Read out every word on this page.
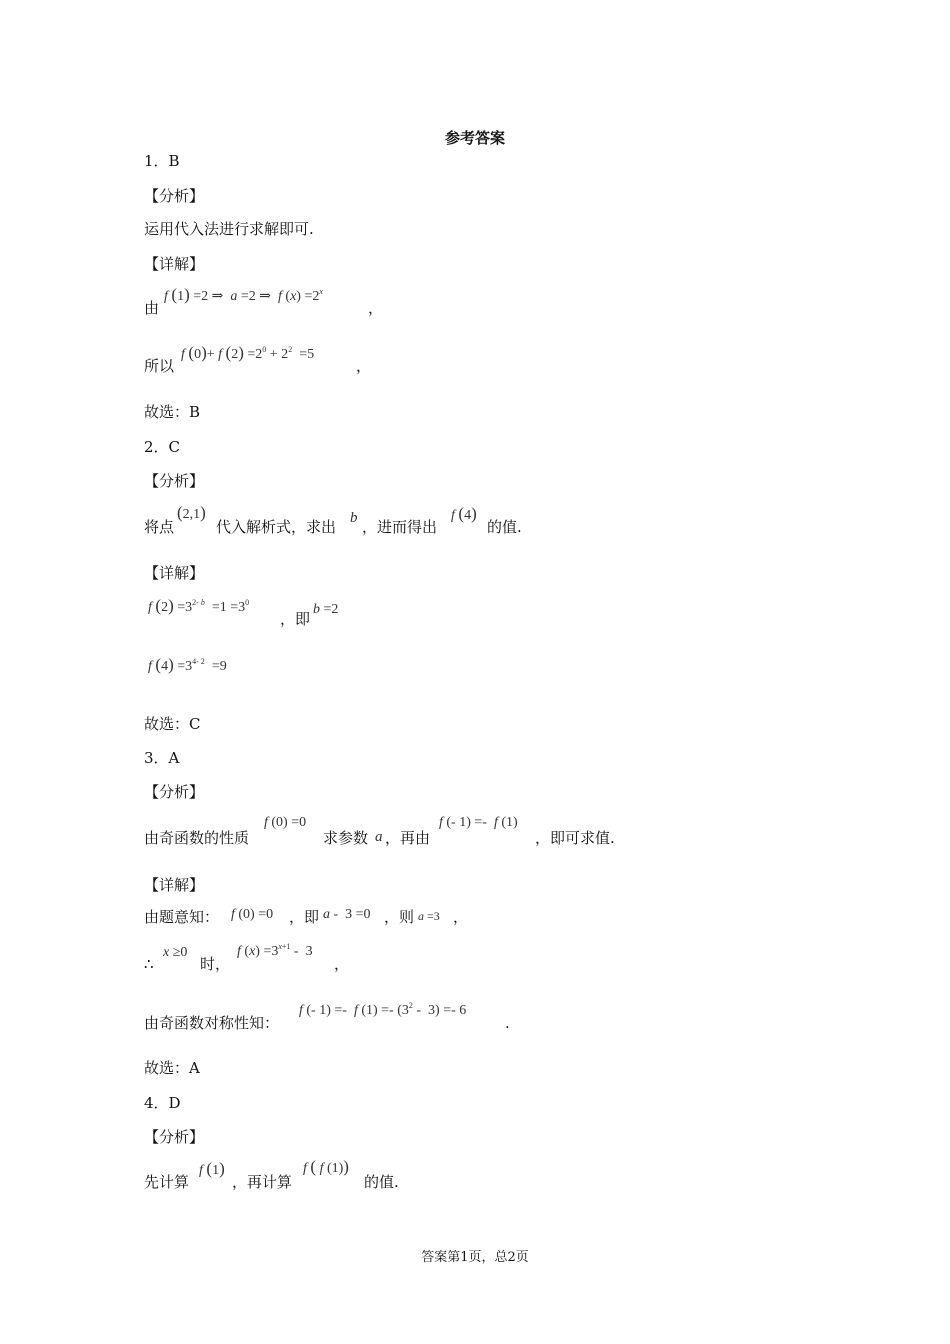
参考答案
1．B
【分析】
运用代入法进行求解即可.
【详解】
由
f (1) =2 ⇒  a =2 ⇒  f $(x) =2^x$
，
所以
f (0)+ f $(2) =2^0 + 2^2 =5$
，
故选：B
2．C
【分析】
将点
(2,1)
代入解析式，求出 b ，进而得出
f (4)
的值.
【详解】
f $(2) =3^{2- b} =1 =3^0$
，即
b =2
f $(4) =3^{4- 2} =9$
故选：C
3．A
【分析】
由奇函数的性质
f (0) =0
求参数 a ，再由
f (- 1) =-  f (1)
，即可求值.
【详解】
由题意知： f (0) =0 ，即 a -  3 =0 ，则 a =3 ，
∴
x ≥0
时，
f $(x) =3^{x+1} - 3$
，
由奇函数对称性知：
f (- 1) =-  f $(1) =- (3^2 - 3) =- 6$
.
故选：A
4．D
【分析】
先计算
f (1)
，再计算
f ( f (1))
的值.
答案第1页，总2页
